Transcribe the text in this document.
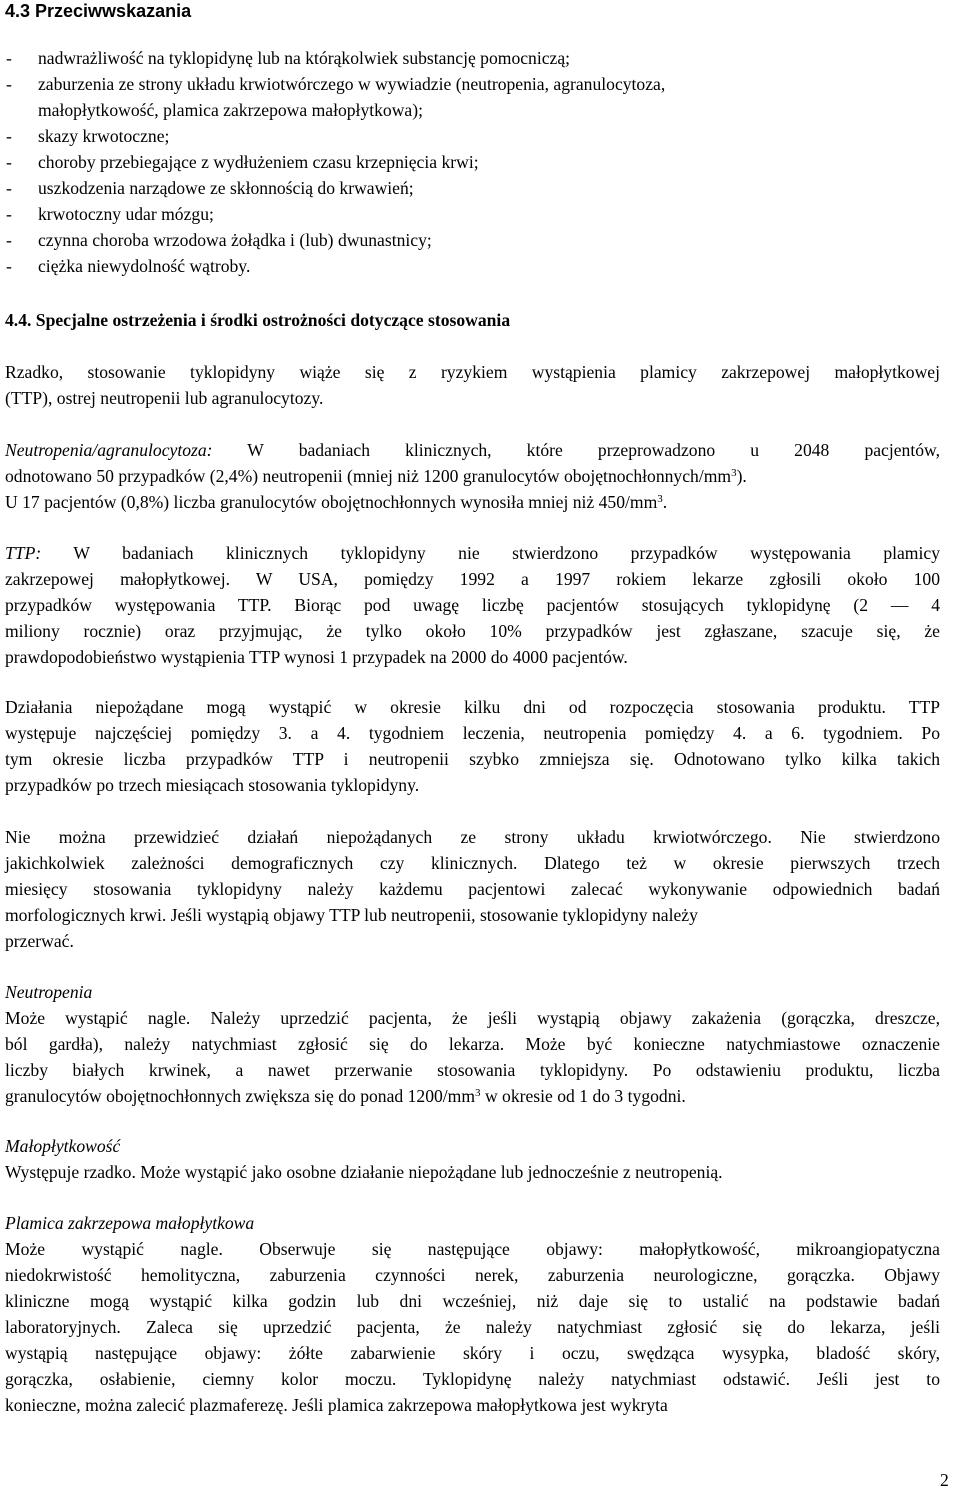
4.3 Przeciwwskazania
- nadwrażliwość na tyklopidynę lub na którąkolwiek substancję pomocniczą;
- zaburzenia ze strony układu krwiotwórczego w wywiadzie (neutropenia, agranulocytoza,
małopłytkowość, plamica zakrzepowa małopłytkowa);
- skazy krwotoczne;
- choroby przebiegające z wydłużeniem czasu krzepnięcia krwi;
- uszkodzenia narządowe ze skłonnością do krwawień;
- krwotoczny udar mózgu;
- czynna choroba wrzodowa żołądka i (lub) dwunastnicy;
- ciężka niewydolność wątroby.
4.4. Specjalne ostrzeżenia i środki ostrożności dotyczące stosowania
Rzadko, stosowanie tyklopidyny wiąże się z ryzykiem wystąpienia plamicy zakrzepowej małopłytkowej
(TTP), ostrej neutropenii lub agranulocytozy.
Neutropenia/agranulocytoza: W badaniach klinicznych, które przeprowadzono u 2048 pacjentów,
odnotowano 50 przypadków (2,4%) neutropenii (mniej niż 1200 granulocytów obojętnochłonnych/$mm^3$).
U 17 pacjentów (0,8%) liczba granulocytów obojętnochłonnych wynosiła mniej niż $450/mm^3$.
TTP: W badaniach klinicznych tyklopidyny nie stwierdzono przypadków występowania plamicy
zakrzepowej małopłytkowej. W USA, pomiędzy 1992 a 1997 rokiem lekarze zgłosili około 100
przypadków występowania TTP. Biorąc pod uwagę liczbę pacjentów stosujących tyklopidynę (2 — 4
miliony rocznie) oraz przyjmując, że tylko około 10% przypadków jest zgłaszane, szacuje się, że
prawdopodobieństwo wystąpienia TTP wynosi 1 przypadek na 2000 do 4000 pacjentów.
Działania niepożądane mogą wystąpić w okresie kilku dni od rozpoczęcia stosowania produktu. TTP
występuje najczęściej pomiędzy 3. a 4. tygodniem leczenia, neutropenia pomiędzy 4. a 6. tygodniem. Po
tym okresie liczba przypadków TTP i neutropenii szybko zmniejsza się. Odnotowano tylko kilka takich
przypadków po trzech miesiącach stosowania tyklopidyny.
Nie można przewidzieć działań niepożądanych ze strony układu krwiotwórczego. Nie stwierdzono
jakichkolwiek zależności demograficznych czy klinicznych. Dlatego też w okresie pierwszych trzech
miesięcy stosowania tyklopidyny należy każdemu pacjentowi zalecać wykonywanie odpowiednich badań
morfologicznych krwi. Jeśli wystąpią objawy TTP lub neutropenii, stosowanie tyklopidyny należy
przerwać.
Neutropenia
Może wystąpić nagle. Należy uprzedzić pacjenta, że jeśli wystąpią objawy zakażenia (gorączka, dreszcze,
ból gardła), należy natychmiast zgłosić się do lekarza. Może być konieczne natychmiastowe oznaczenie
liczby białych krwinek, a nawet przerwanie stosowania tyklopidyny. Po odstawieniu produktu, liczba
granulocytów obojętnochłonnych zwiększa się do ponad $1200/mm^3$ w okresie od 1 do 3 tygodni.
Małopłytkowość
Występuje rzadko. Może wystąpić jako osobne działanie niepożądane lub jednocześnie z neutropenią.
Plamica zakrzepowa małopłytkowa
Może wystąpić nagle. Obserwuje się następujące objawy: małopłytkowość, mikroangiopatyczna
niedokrwistość hemolityczna, zaburzenia czynności nerek, zaburzenia neurologiczne, gorączka. Objawy
kliniczne mogą wystąpić kilka godzin lub dni wcześniej, niż daje się to ustalić na podstawie badań
laboratoryjnych. Zaleca się uprzedzić pacjenta, że należy natychmiast zgłosić się do lekarza, jeśli
wystąpią następujące objawy: żółte zabarwienie skóry i oczu, swędząca wysypka, bladość skóry,
gorączka, osłabienie, ciemny kolor moczu. Tyklopidynę należy natychmiast odstawić. Jeśli jest to
konieczne, można zalecić plazmaferezę. Jeśli plamica zakrzepowa małopłytkowa jest wykryta
2
